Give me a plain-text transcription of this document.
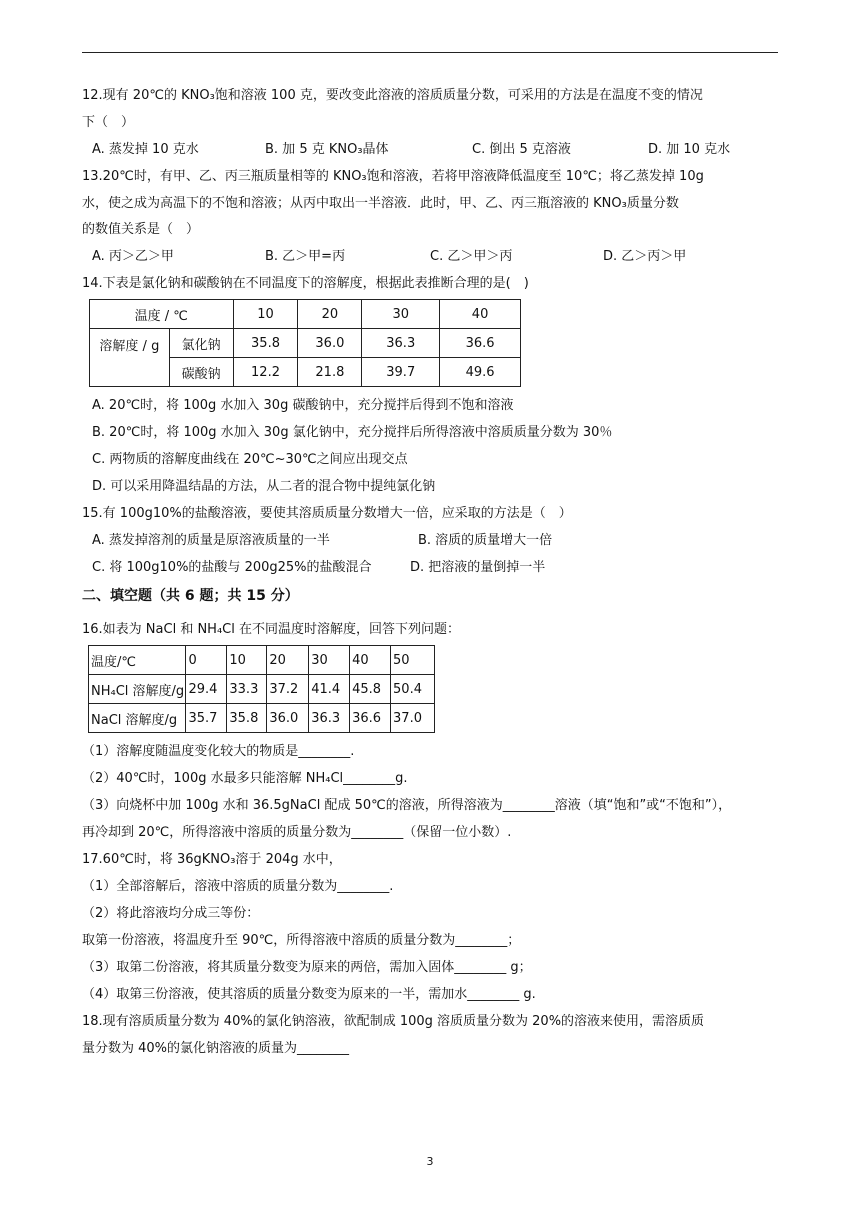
12.现有 20℃的 KNO₃饱和溶液 100 克，要改变此溶液的溶质质量分数，可采用的方法是在温度不变的情况
下（　）
A. 蒸发掉 10 克水	B. 加 5 克 KNO₃晶体	C. 倒出 5 克溶液	D. 加 10 克水
13.20℃时，有甲、乙、丙三瓶质量相等的 KNO₃饱和溶液，若将甲溶液降低温度至 10℃；将乙蒸发掉 10g
水，使之成为高温下的不饱和溶液；从丙中取出一半溶液．此时，甲、乙、丙三瓶溶液的 KNO₃质量分数
的数值关系是（　）
A. 丙＞乙＞甲	B. 乙＞甲=丙	C. 乙＞甲＞丙	D. 乙＞丙＞甲
14.下表是氯化钠和碳酸钠在不同温度下的溶解度，根据此表推断合理的是(　)
温度 / ℃		10	20	30	40
溶解度 / g	氯化钠	35.8	36.0	36.3	36.6
	碳酸钠	12.2	21.8	39.7	49.6
A. 20℃时，将 100g 水加入 30g 碳酸钠中，充分搅拌后得到不饱和溶液
B. 20℃时，将 100g 水加入 30g 氯化钠中，充分搅拌后所得溶液中溶质质量分数为 30％
C. 两物质的溶解度曲线在 20℃~30℃之间应出现交点
D. 可以采用降温结晶的方法，从二者的混合物中提纯氯化钠
15.有 100g10%的盐酸溶液，要使其溶质质量分数增大一倍，应采取的方法是（　）
A. 蒸发掉溶剂的质量是原溶液质量的一半	B. 溶质的质量增大一倍
C. 将 100g10%的盐酸与 200g25%的盐酸混合	D. 把溶液的量倒掉一半
二、填空题（共 6 题；共 15 分）
16.如表为 NaCl 和 NH₄Cl 在不同温度时溶解度，回答下列问题：
温度/℃	0	10	20	30	40	50
NH₄Cl 溶解度/g	29.4	33.3	37.2	41.4	45.8	50.4
NaCl 溶解度/g	35.7	35.8	36.0	36.3	36.6	37.0
（1）溶解度随温度变化较大的物质是________.
（2）40℃时，100g 水最多只能溶解 NH₄Cl________g.
（3）向烧杯中加 100g 水和 36.5gNaCl 配成 50℃的溶液，所得溶液为________溶液（填“饱和”或“不饱和”），
再冷却到 20℃，所得溶液中溶质的质量分数为________（保留一位小数）.
17.60℃时，将 36gKNO₃溶于 204g 水中，
（1）全部溶解后，溶液中溶质的质量分数为________.
（2）将此溶液均分成三等份：
取第一份溶液，将温度升至 90℃，所得溶液中溶质的质量分数为________；
（3）取第二份溶液，将其质量分数变为原来的两倍，需加入固体________ g；
（4）取第三份溶液，使其溶质的质量分数变为原来的一半，需加水________ g.
18.现有溶质质量分数为 40%的氯化钠溶液，欲配制成 100g 溶质质量分数为 20%的溶液来使用，需溶质质
量分数为 40%的氯化钠溶液的质量为________
3
